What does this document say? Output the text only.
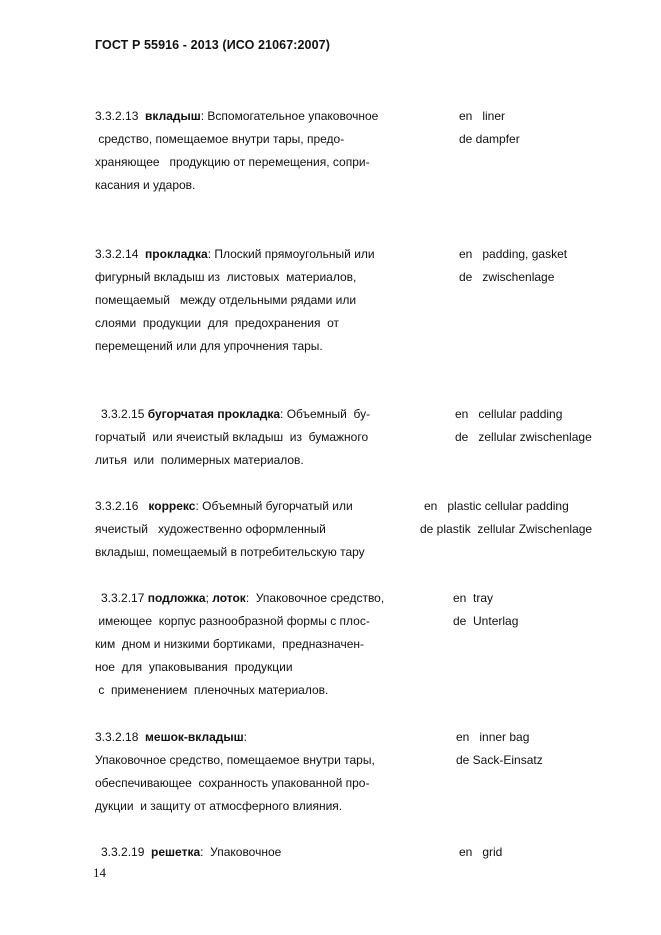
ГОСТ Р 55916 - 2013 (ИСО 21067:2007)
3.3.2.13 вкладыш: Вспомогательное упаковочное
средство, помещаемое внутри тары, предо-
храняющее   продукцию от перемещения, сопри-
касания и ударов.
en   liner
de dampfer
3.3.2.14 прокладка: Плоский прямоугольный или
фигурный вкладыш из  листовых  материалов,
помещаемый   между отдельными рядами или
слоями  продукции  для  предохранения  от
перемещений или для упрочнения тары.
en   padding, gasket
de   zwischenlage
3.3.2.15 бугорчатая прокладка: Объемный  бу-
горчатый  или ячеистый вкладыш  из  бумажного
литья  или  полимерных материалов.
en   cellular padding
de   zellular zwischenlage
3.3.2.16 коррекс: Объемный бугорчатый или
ячеистый   художественно оформленный
вкладыш, помещаемый в потребительскую тару
en   plastic cellular padding
de plastik  zellular Zwischenlage
3.3.2.17 подложка; лоток:  Упаковочное средство,
имеющее  корпус разнообразной формы с плос-
ким  дном и низкими бортиками,  предназначен-
ное  для  упаковывания  продукции
с  применением  пленочных материалов.
en  tray
de  Unterlag
3.3.2.18 мешок-вкладыш:
Упаковочное средство, помещаемое внутри тары,
обеспечивающее  сохранность упакованной про-
дукции  и защиту от атмосферного влияния.
en   inner bag
de Sack-Einsatz
3.3.2.19 решетка:  Упаковочное	en   grid
14
